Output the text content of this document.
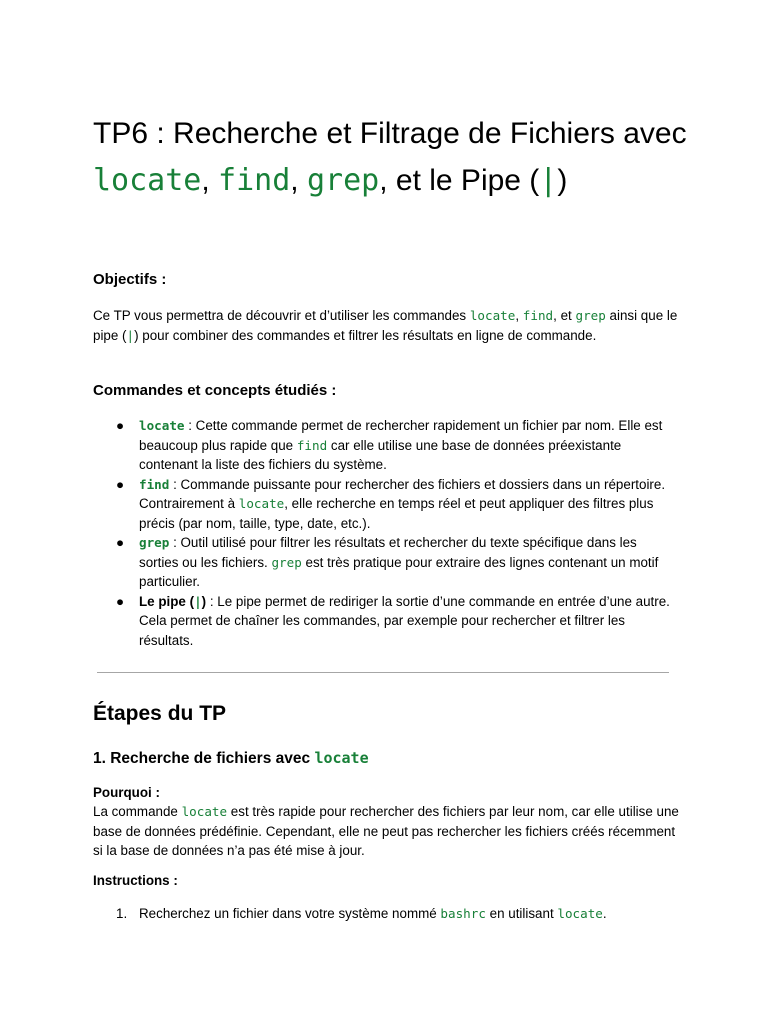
TP6 : Recherche et Filtrage de Fichiers avec locate, find, grep, et le Pipe (|)

Objectifs :

Ce TP vous permettra de découvrir et d’utiliser les commandes locate, find, et grep ainsi que le pipe (|) pour combiner des commandes et filtrer les résultats en ligne de commande.

Commandes et concepts étudiés :

● locate : Cette commande permet de rechercher rapidement un fichier par nom. Elle est beaucoup plus rapide que find car elle utilise une base de données préexistante contenant la liste des fichiers du système.
● find : Commande puissante pour rechercher des fichiers et dossiers dans un répertoire. Contrairement à locate, elle recherche en temps réel et peut appliquer des filtres plus précis (par nom, taille, type, date, etc.).
● grep : Outil utilisé pour filtrer les résultats et rechercher du texte spécifique dans les sorties ou les fichiers. grep est très pratique pour extraire des lignes contenant un motif particulier.
● Le pipe (|) : Le pipe permet de rediriger la sortie d’une commande en entrée d’une autre. Cela permet de chaîner les commandes, par exemple pour rechercher et filtrer les résultats.

Étapes du TP

1. Recherche de fichiers avec locate

Pourquoi :

La commande locate est très rapide pour rechercher des fichiers par leur nom, car elle utilise une base de données prédéfinie. Cependant, elle ne peut pas rechercher les fichiers créés récemment si la base de données n’a pas été mise à jour.

Instructions :

1. Recherchez un fichier dans votre système nommé bashrc en utilisant locate.
